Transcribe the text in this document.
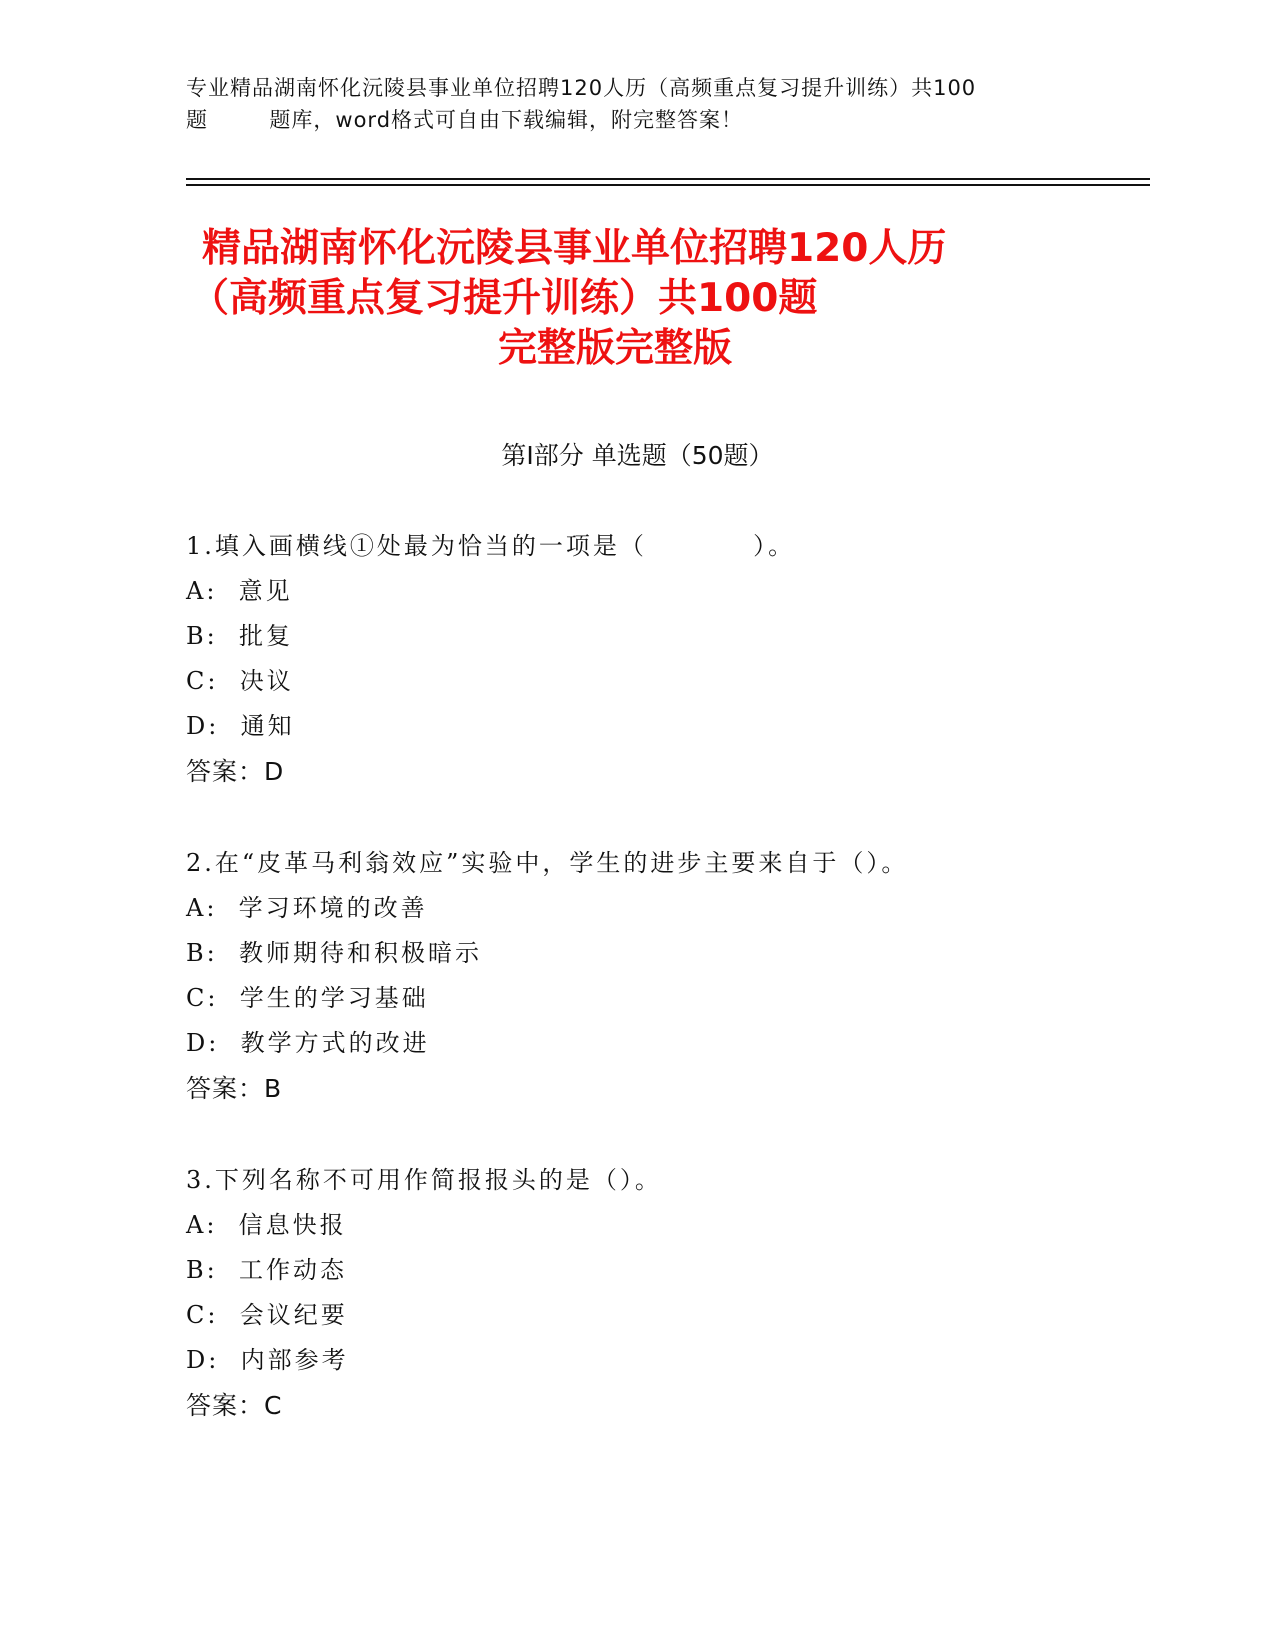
专业精品湖南怀化沅陵县事业单位招聘120人历（高频重点复习提升训练）共100
题        题库，word格式可自由下载编辑，附完整答案！
精品湖南怀化沅陵县事业单位招聘120人历
（高频重点复习提升训练）共100题
完整版完整版
第Ⅰ部分 单选题（50题）
1.填入画横线①处最为恰当的一项是（          ）。
A:  意见
B:  批复
C:  决议
D:  通知
答案：D
2.在“皮革马利翁效应”实验中，学生的进步主要来自于（）。
A:  学习环境的改善
B:  教师期待和积极暗示
C:  学生的学习基础
D:  教学方式的改进
答案：B
3.下列名称不可用作简报报头的是（）。
A:  信息快报
B:  工作动态
C:  会议纪要
D:  内部参考
答案：C
